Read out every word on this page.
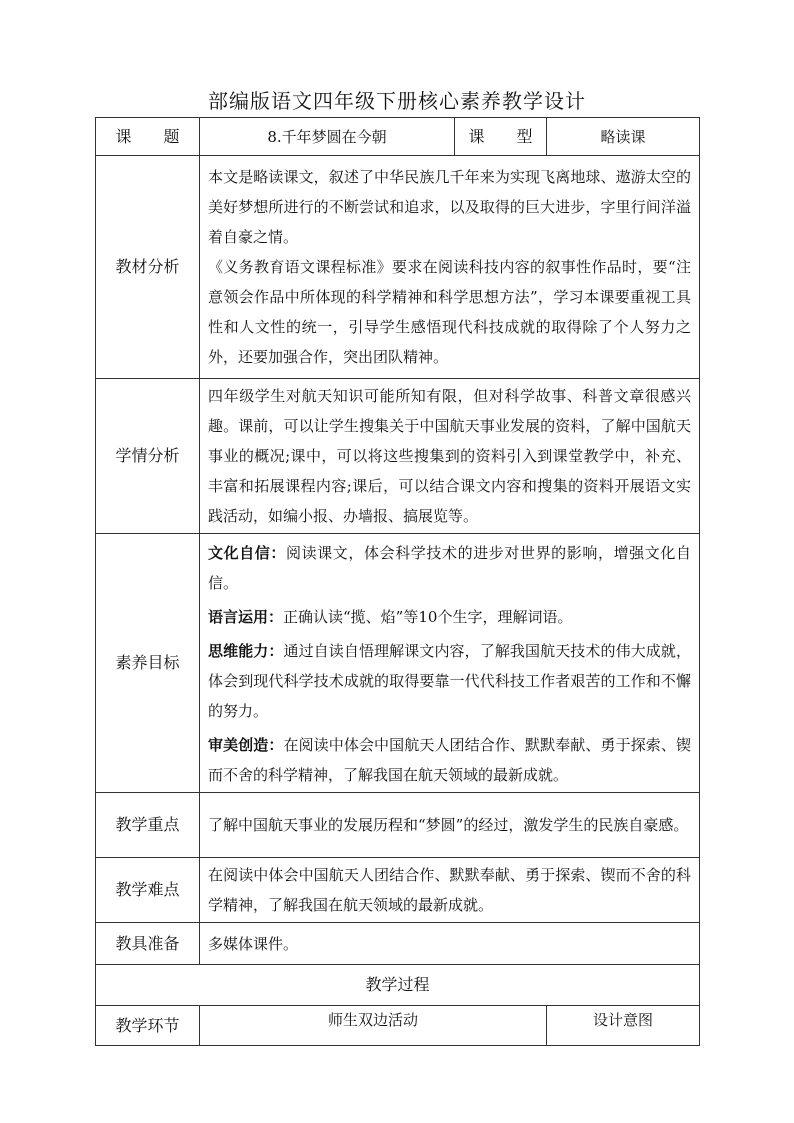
部编版语文四年级下册核心素养教学设计
课　　题	8.千年梦圆在今朝	课　　型	略读课
教材分析	本文是略读课文，叙述了中华民族几千年来为实现飞离地球、遨游太空的美好梦想所进行的不断尝试和追求，以及取得的巨大进步，字里行间洋溢着自豪之情。

《义务教育语文课程标准》要求在阅读科技内容的叙事性作品时，要“注意领会作品中所体现的科学精神和科学思想方法”，学习本课要重视工具性和人文性的统一，引导学生感悟现代科技成就的取得除了个人努力之外，还要加强合作，突出团队精神。		

学情分析	四年级学生对航天知识可能所知有限，但对科学故事、科普文章很感兴趣。课前，可以让学生搜集关于中国航天事业发展的资料，了解中国航天事业的概况;课中，可以将这些搜集到的资料引入到课堂教学中，补充、丰富和拓展课程内容;课后，可以结合课文内容和搜集的资料开展语文实践活动，如编小报、办墙报、搞展览等。		
素养目标	文化自信：阅读课文，体会科学技术的进步对世界的影响，增强文化自信。

语言运用：正确认读“揽、焰”等10个生字，理解词语。

思维能力：通过自读自悟理解课文内容，了解我国航天技术的伟大成就，体会到现代科学技术成就的取得要靠一代代科技工作者艰苦的工作和不懈的努力。

审美创造：在阅读中体会中国航天人团结合作、默默奉献、勇于探索、锲而不舍的科学精神，了解我国在航天领域的最新成就。		

教学重点	了解中国航天事业的发展历程和“梦圆”的经过，激发学生的民族自豪感。		
教学难点	在阅读中体会中国航天人团结合作、默默奉献、勇于探索、锲而不舍的科学精神，了解我国在航天领域的最新成就。		
教具准备	多媒体课件。		
教学过程			
教学环节	师生双边活动		设计意图
